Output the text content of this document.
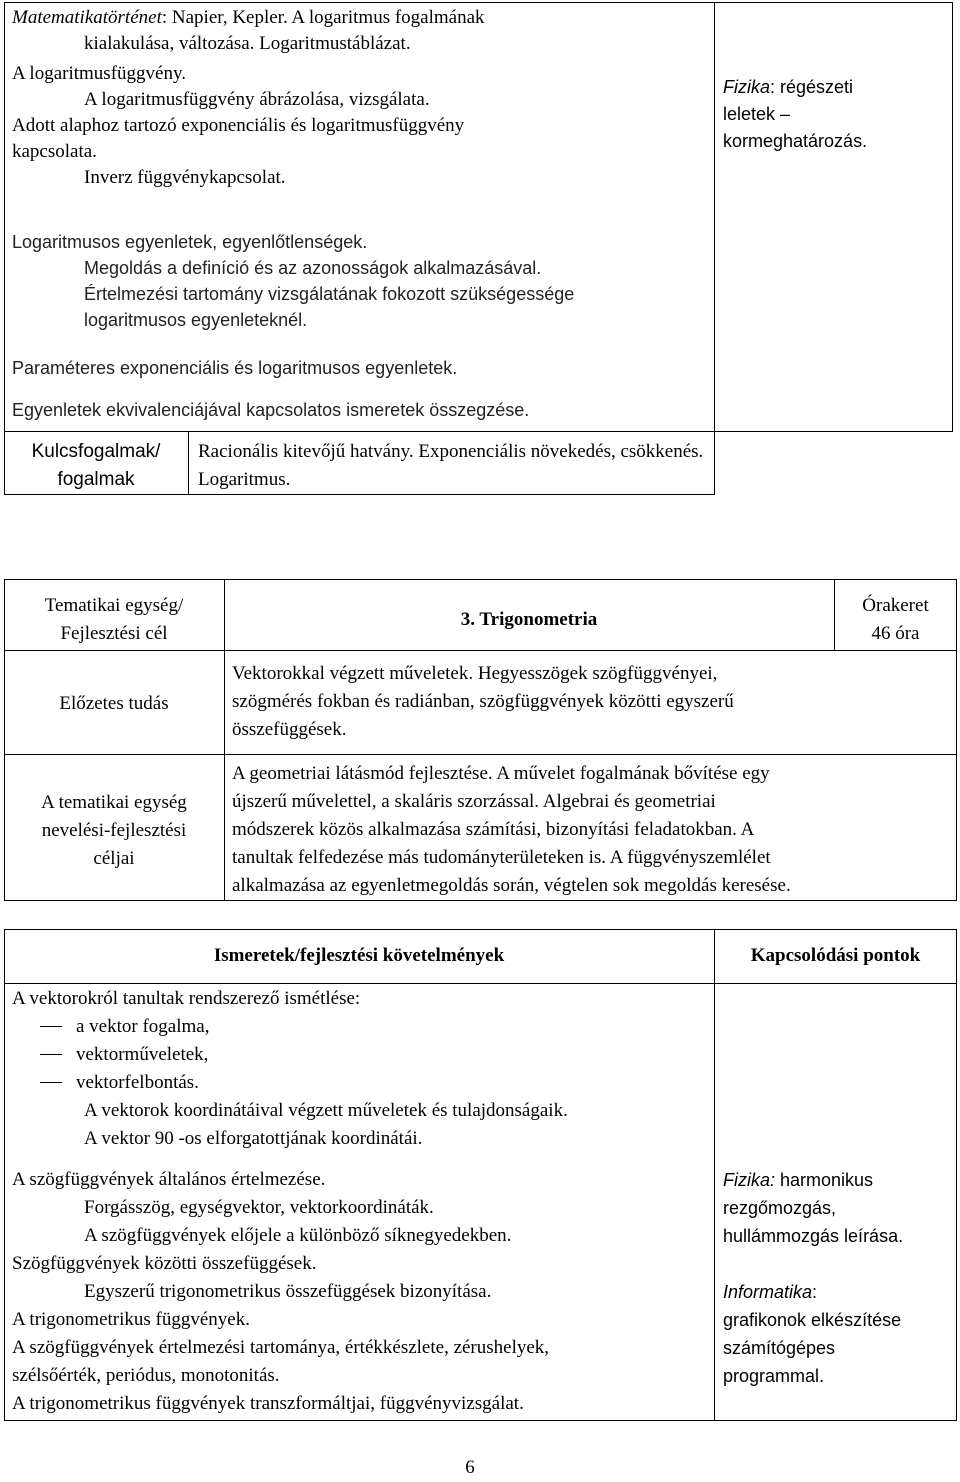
Matematikatörténet: Napier, Kepler. A logaritmus fogalmának
kialakulása, változása. Logaritmustáblázat.
A logaritmusfüggvény.
A logaritmusfüggvény ábrázolása, vizsgálata.
Adott alaphoz tartozó exponenciális és logaritmusfüggvény
kapcsolata.
Inverz függvénykapcsolat.
Logaritmusos egyenletek, egyenlőtlenségek.
Megoldás a definíció és az azonosságok alkalmazásával.
Értelmezési tartomány vizsgálatának fokozott szükségessége
logaritmusos egyenleteknél.
Paraméteres exponenciális és logaritmusos egyenletek.
Egyenletek ekvivalenciájával kapcsolatos ismeretek összegzése.
Fizika: régészeti
leletek –
kormeghatározás.
Kulcsfogalmak/
fogalmak
Racionális kitevőjű hatvány. Exponenciális növekedés, csökkenés.
Logaritmus.
Tematikai egység/
Fejlesztési cél
3. Trigonometria
Órakeret
46 óra
Előzetes tudás
Vektorokkal végzett műveletek. Hegyesszögek szögfüggvényei,
szögmérés fokban és radiánban, szögfüggvények közötti egyszerű
összefüggések.
A tematikai egység
nevelési-fejlesztési
céljai
A geometriai látásmód fejlesztése. A művelet fogalmának bővítése egy
újszerű művelettel, a skaláris szorzással. Algebrai és geometriai
módszerek közös alkalmazása számítási, bizonyítási feladatokban. A
tanultak felfedezése más tudományterületeken is. A függvényszemlélet
alkalmazása az egyenletmegoldás során, végtelen sok megoldás keresése.
Ismeretek/fejlesztési követelmények	Kapcsolódási pontok
A vektorokról tanultak rendszerező ismétlése:
a vektor fogalma,
vektorműveletek,
vektorfelbontás.
A vektorok koordinátáival végzett műveletek és tulajdonságaik.
A vektor 90 -os elforgatottjának koordinátái.
A szögfüggvények általános értelmezése.
Forgásszög, egységvektor, vektorkoordináták.
A szögfüggvények előjele a különböző síknegyedekben.
Szögfüggvények közötti összefüggések.
Egyszerű trigonometrikus összefüggések bizonyítása.
A trigonometrikus függvények.
A szögfüggvények értelmezési tartománya, értékkészlete, zérushelyek,
szélsőérték, periódus, monotonitás.
A trigonometrikus függvények transzformáltjai, függvényvizsgálat.
Fizika: harmonikus
rezgőmozgás,
hullámmozgás leírása.
Informatika:
grafikonok elkészítése
számítógépes
programmal.
6
